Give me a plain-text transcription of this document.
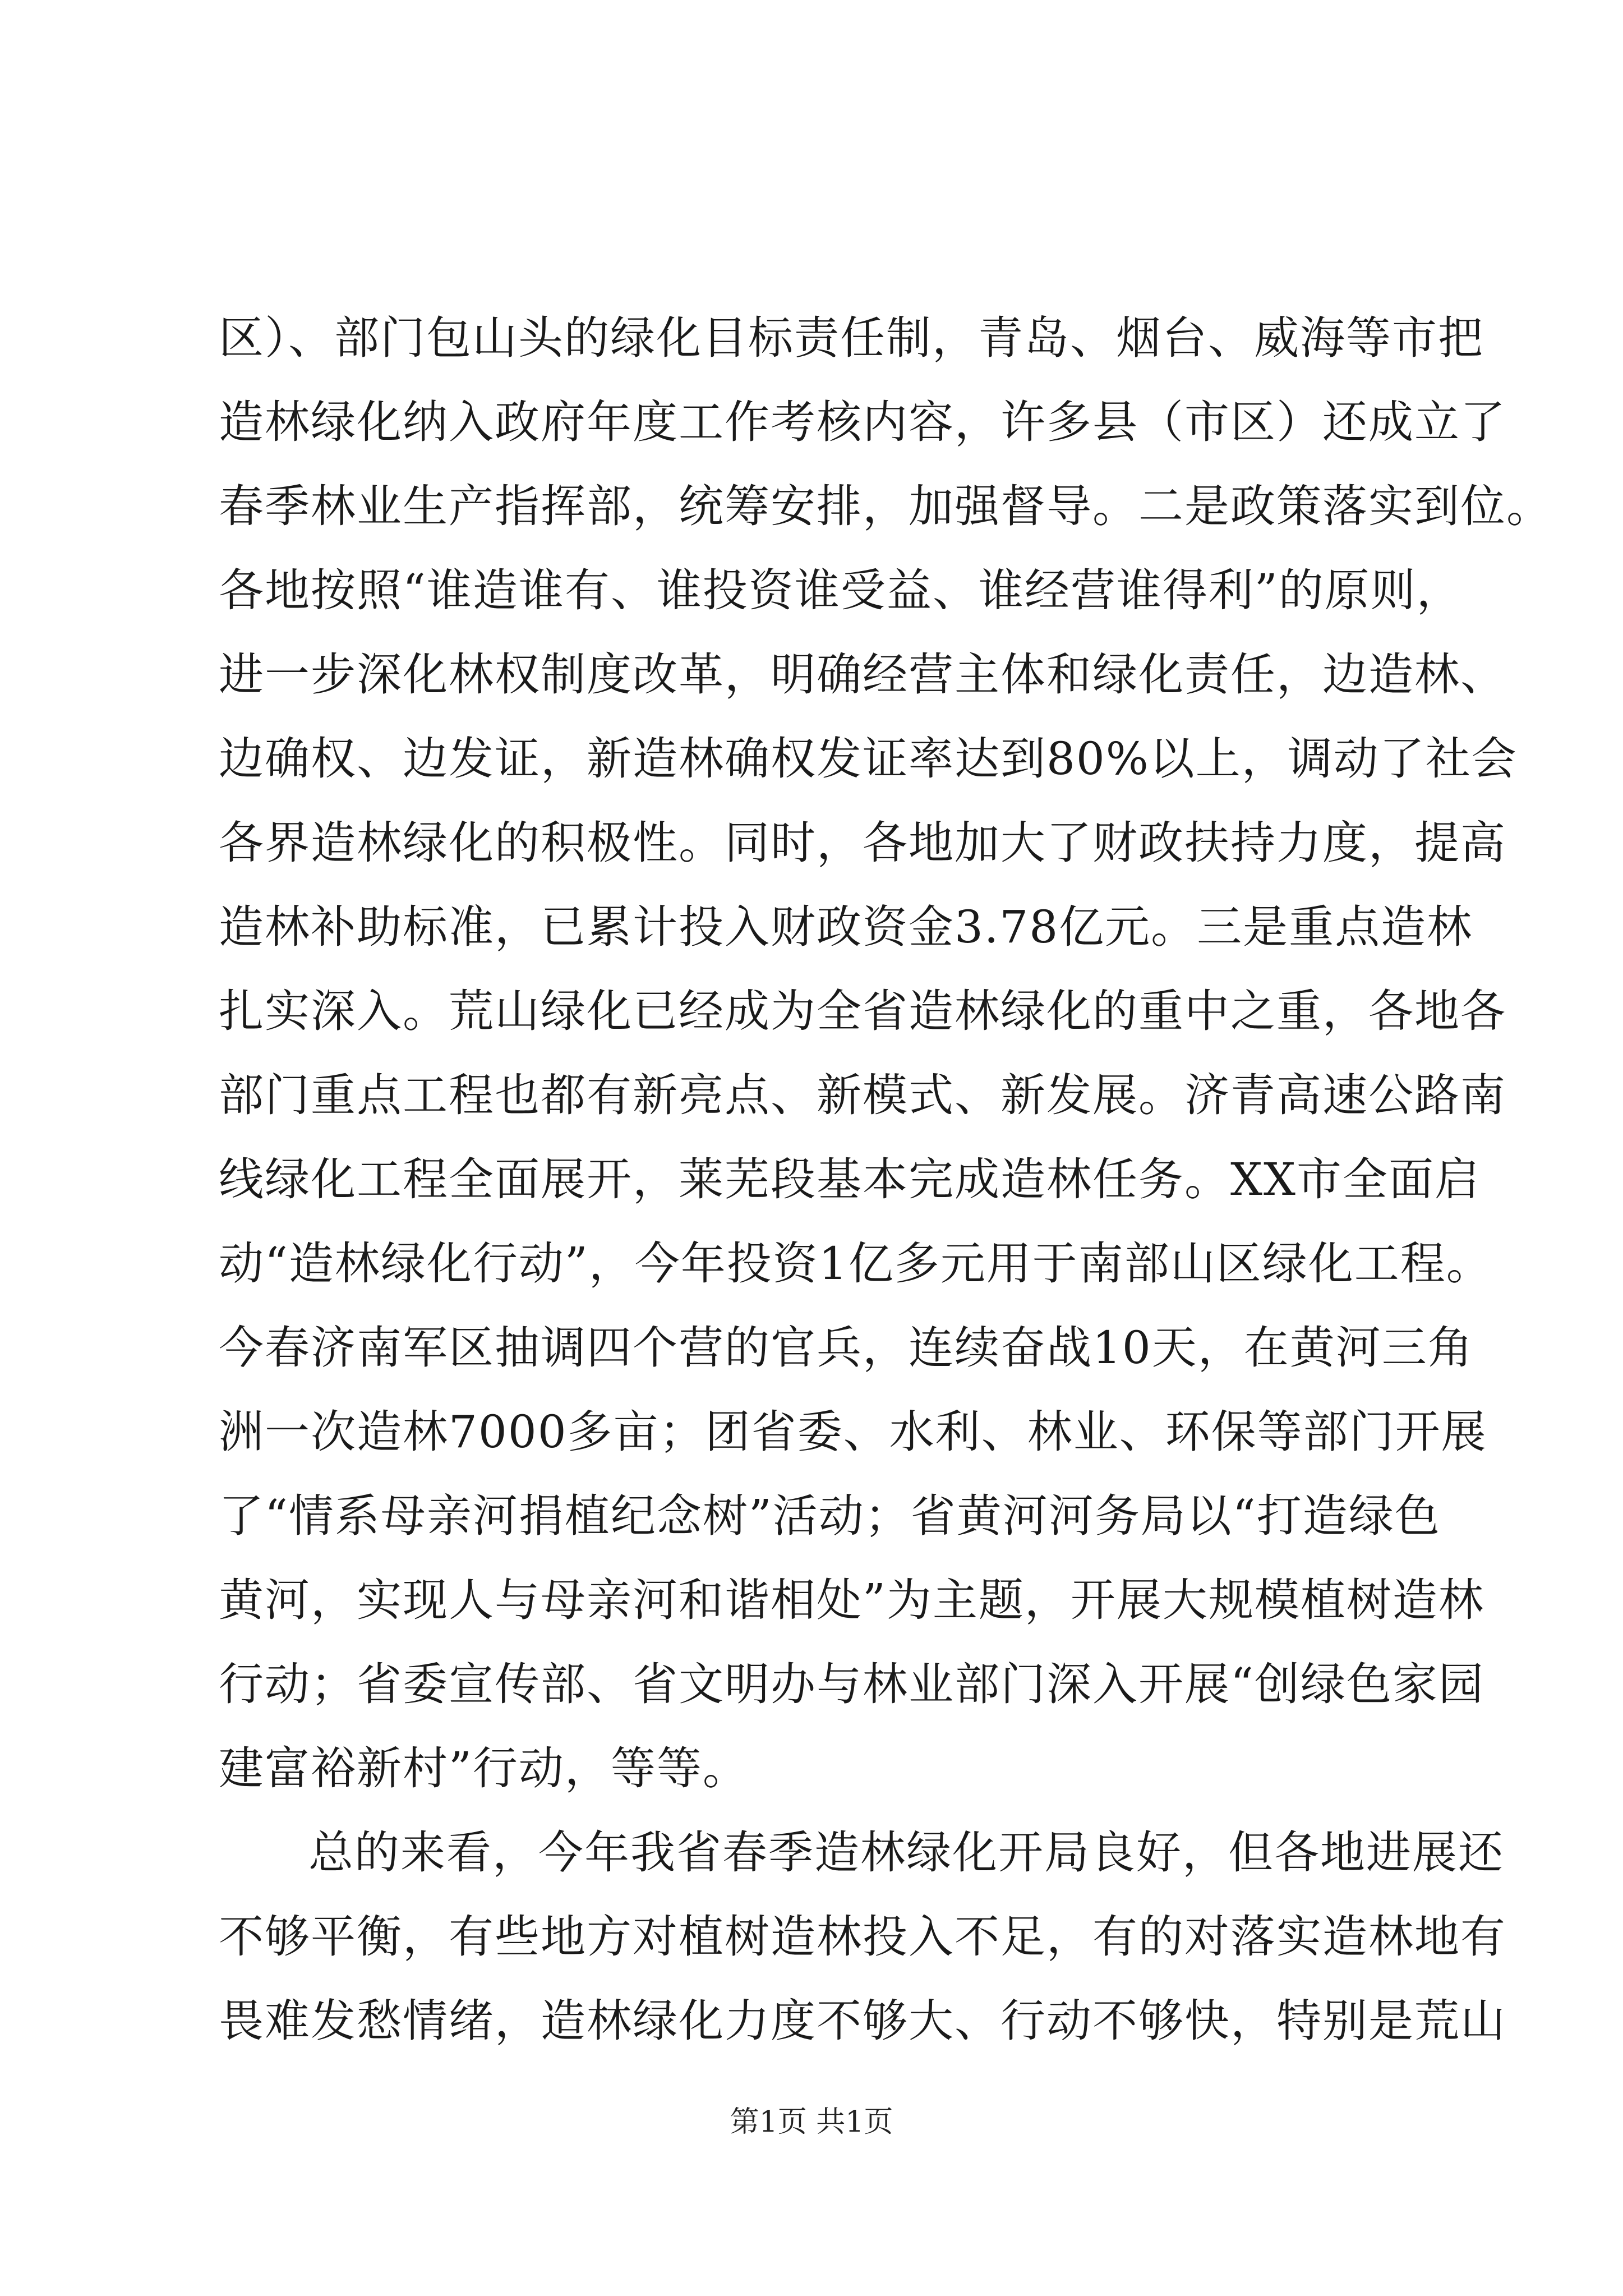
区）、部门包山头的绿化目标责任制，青岛、烟台、威海等市把
造林绿化纳入政府年度工作考核内容，许多县（市区）还成立了
春季林业生产指挥部，统筹安排，加强督导。二是政策落实到位。
各地按照“谁造谁有、谁投资谁受益、谁经营谁得利”的原则，
进一步深化林权制度改革，明确经营主体和绿化责任，边造林、
边确权、边发证，新造林确权发证率达到80%以上，调动了社会
各界造林绿化的积极性。同时，各地加大了财政扶持力度，提高
造林补助标准，已累计投入财政资金3.78亿元。三是重点造林
扎实深入。荒山绿化已经成为全省造林绿化的重中之重，各地各
部门重点工程也都有新亮点、新模式、新发展。济青高速公路南
线绿化工程全面展开，莱芜段基本完成造林任务。XX市全面启
动“造林绿化行动”，今年投资1亿多元用于南部山区绿化工程。
今春济南军区抽调四个营的官兵，连续奋战10天，在黄河三角
洲一次造林7000多亩；团省委、水利、林业、环保等部门开展
了“情系母亲河捐植纪念树”活动；省黄河河务局以“打造绿色
黄河，实现人与母亲河和谐相处”为主题，开展大规模植树造林
行动；省委宣传部、省文明办与林业部门深入开展“创绿色家园
建富裕新村”行动，等等。
总的来看，今年我省春季造林绿化开局良好，但各地进展还
不够平衡，有些地方对植树造林投入不足，有的对落实造林地有
畏难发愁情绪，造林绿化力度不够大、行动不够快，特别是荒山
第1页 共1页
